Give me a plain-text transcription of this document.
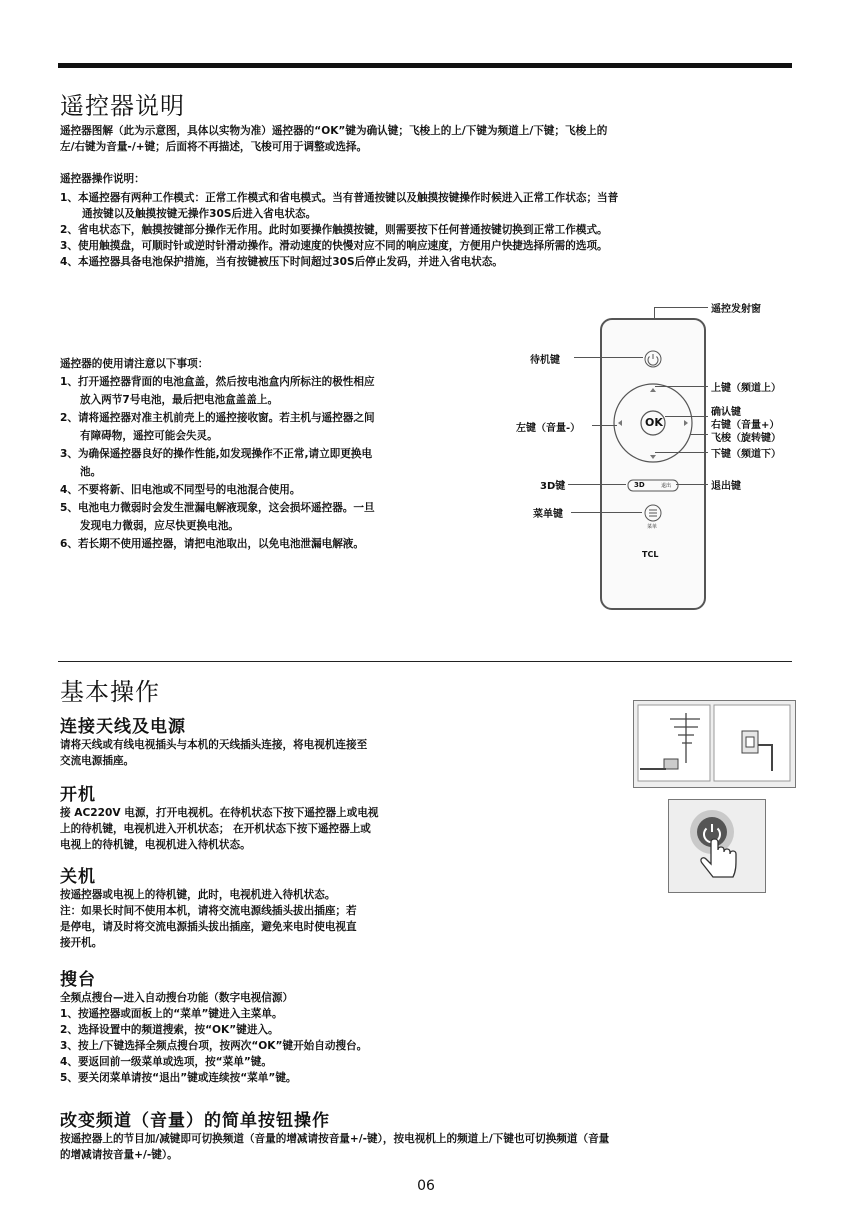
遥控器说明
遥控器图解（此为示意图，具体以实物为准）遥控器的“OK”键为确认键；飞梭上的上/下键为频道上/下键；飞梭上的
左/右键为音量-/+键；后面将不再描述，飞梭可用于调整或选择。
遥控器操作说明：
1、本遥控器有两种工作模式：正常工作模式和省电模式。当有普通按键以及触摸按键操作时候进入正常工作状态；当普
通按键以及触摸按键无操作30S后进入省电状态。
2、省电状态下，触摸按键部分操作无作用。此时如要操作触摸按键，则需要按下任何普通按键切换到正常工作模式。
3、使用触摸盘，可顺时针或逆时针滑动操作。滑动速度的快慢对应不同的响应速度，方便用户快捷选择所需的选项。
4、本遥控器具备电池保护措施，当有按键被压下时间超过30S后停止发码，并进入省电状态。
遥控器的使用请注意以下事项：
1、打开遥控器背面的电池盒盖，然后按电池盒内所标注的极性相应
放入两节7号电池，最后把电池盒盖盖上。
2、请将遥控器对准主机前壳上的遥控接收窗。若主机与遥控器之间
有障碍物，遥控可能会失灵。
3、为确保遥控器良好的操作性能,如发现操作不正常,请立即更换电
池。
4、不要将新、旧电池或不同型号的电池混合使用。
5、电池电力微弱时会发生泄漏电解液现象，这会损坏遥控器。一旦
发现电力微弱，应尽快更换电池。
6、若长期不使用遥控器，请把电池取出，以免电池泄漏电解液。
OK
3D	退出
菜单
TCL
遥控发射窗
待机键
上键（频道上）
确认键
右键（音量+）
飞梭（旋转键）
下键（频道下）
左键（音量-）
3D键	退出键
菜单键
基本操作
连接天线及电源
请将天线或有线电视插头与本机的天线插头连接，将电视机连接至
交流电源插座。
开机
接 AC220V 电源，打开电视机。在待机状态下按下遥控器上或电视
上的待机键，电视机进入开机状态； 在开机状态下按下遥控器上或
电视上的待机键，电视机进入待机状态。
关机
按遥控器或电视上的待机键，此时，电视机进入待机状态。
注：如果长时间不使用本机，请将交流电源线插头拔出插座；若
是停电，请及时将交流电源插头拔出插座，避免来电时使电视直
接开机。
搜台
全频点搜台—进入自动搜台功能（数字电视信源）
1、按遥控器或面板上的“菜单”键进入主菜单。
2、选择设置中的频道搜索，按“OK”键进入。
3、按上/下键选择全频点搜台项，按两次“OK”键开始自动搜台。
4、要返回前一级菜单或选项，按“菜单”键。
5、要关闭菜单请按“退出”键或连续按“菜单”键。
改变频道（音量）的简单按钮操作
按遥控器上的节目加/减键即可切换频道（音量的增减请按音量+/-键），按电视机上的频道上/下键也可切换频道（音量
的增减请按音量+/-键）。
06
